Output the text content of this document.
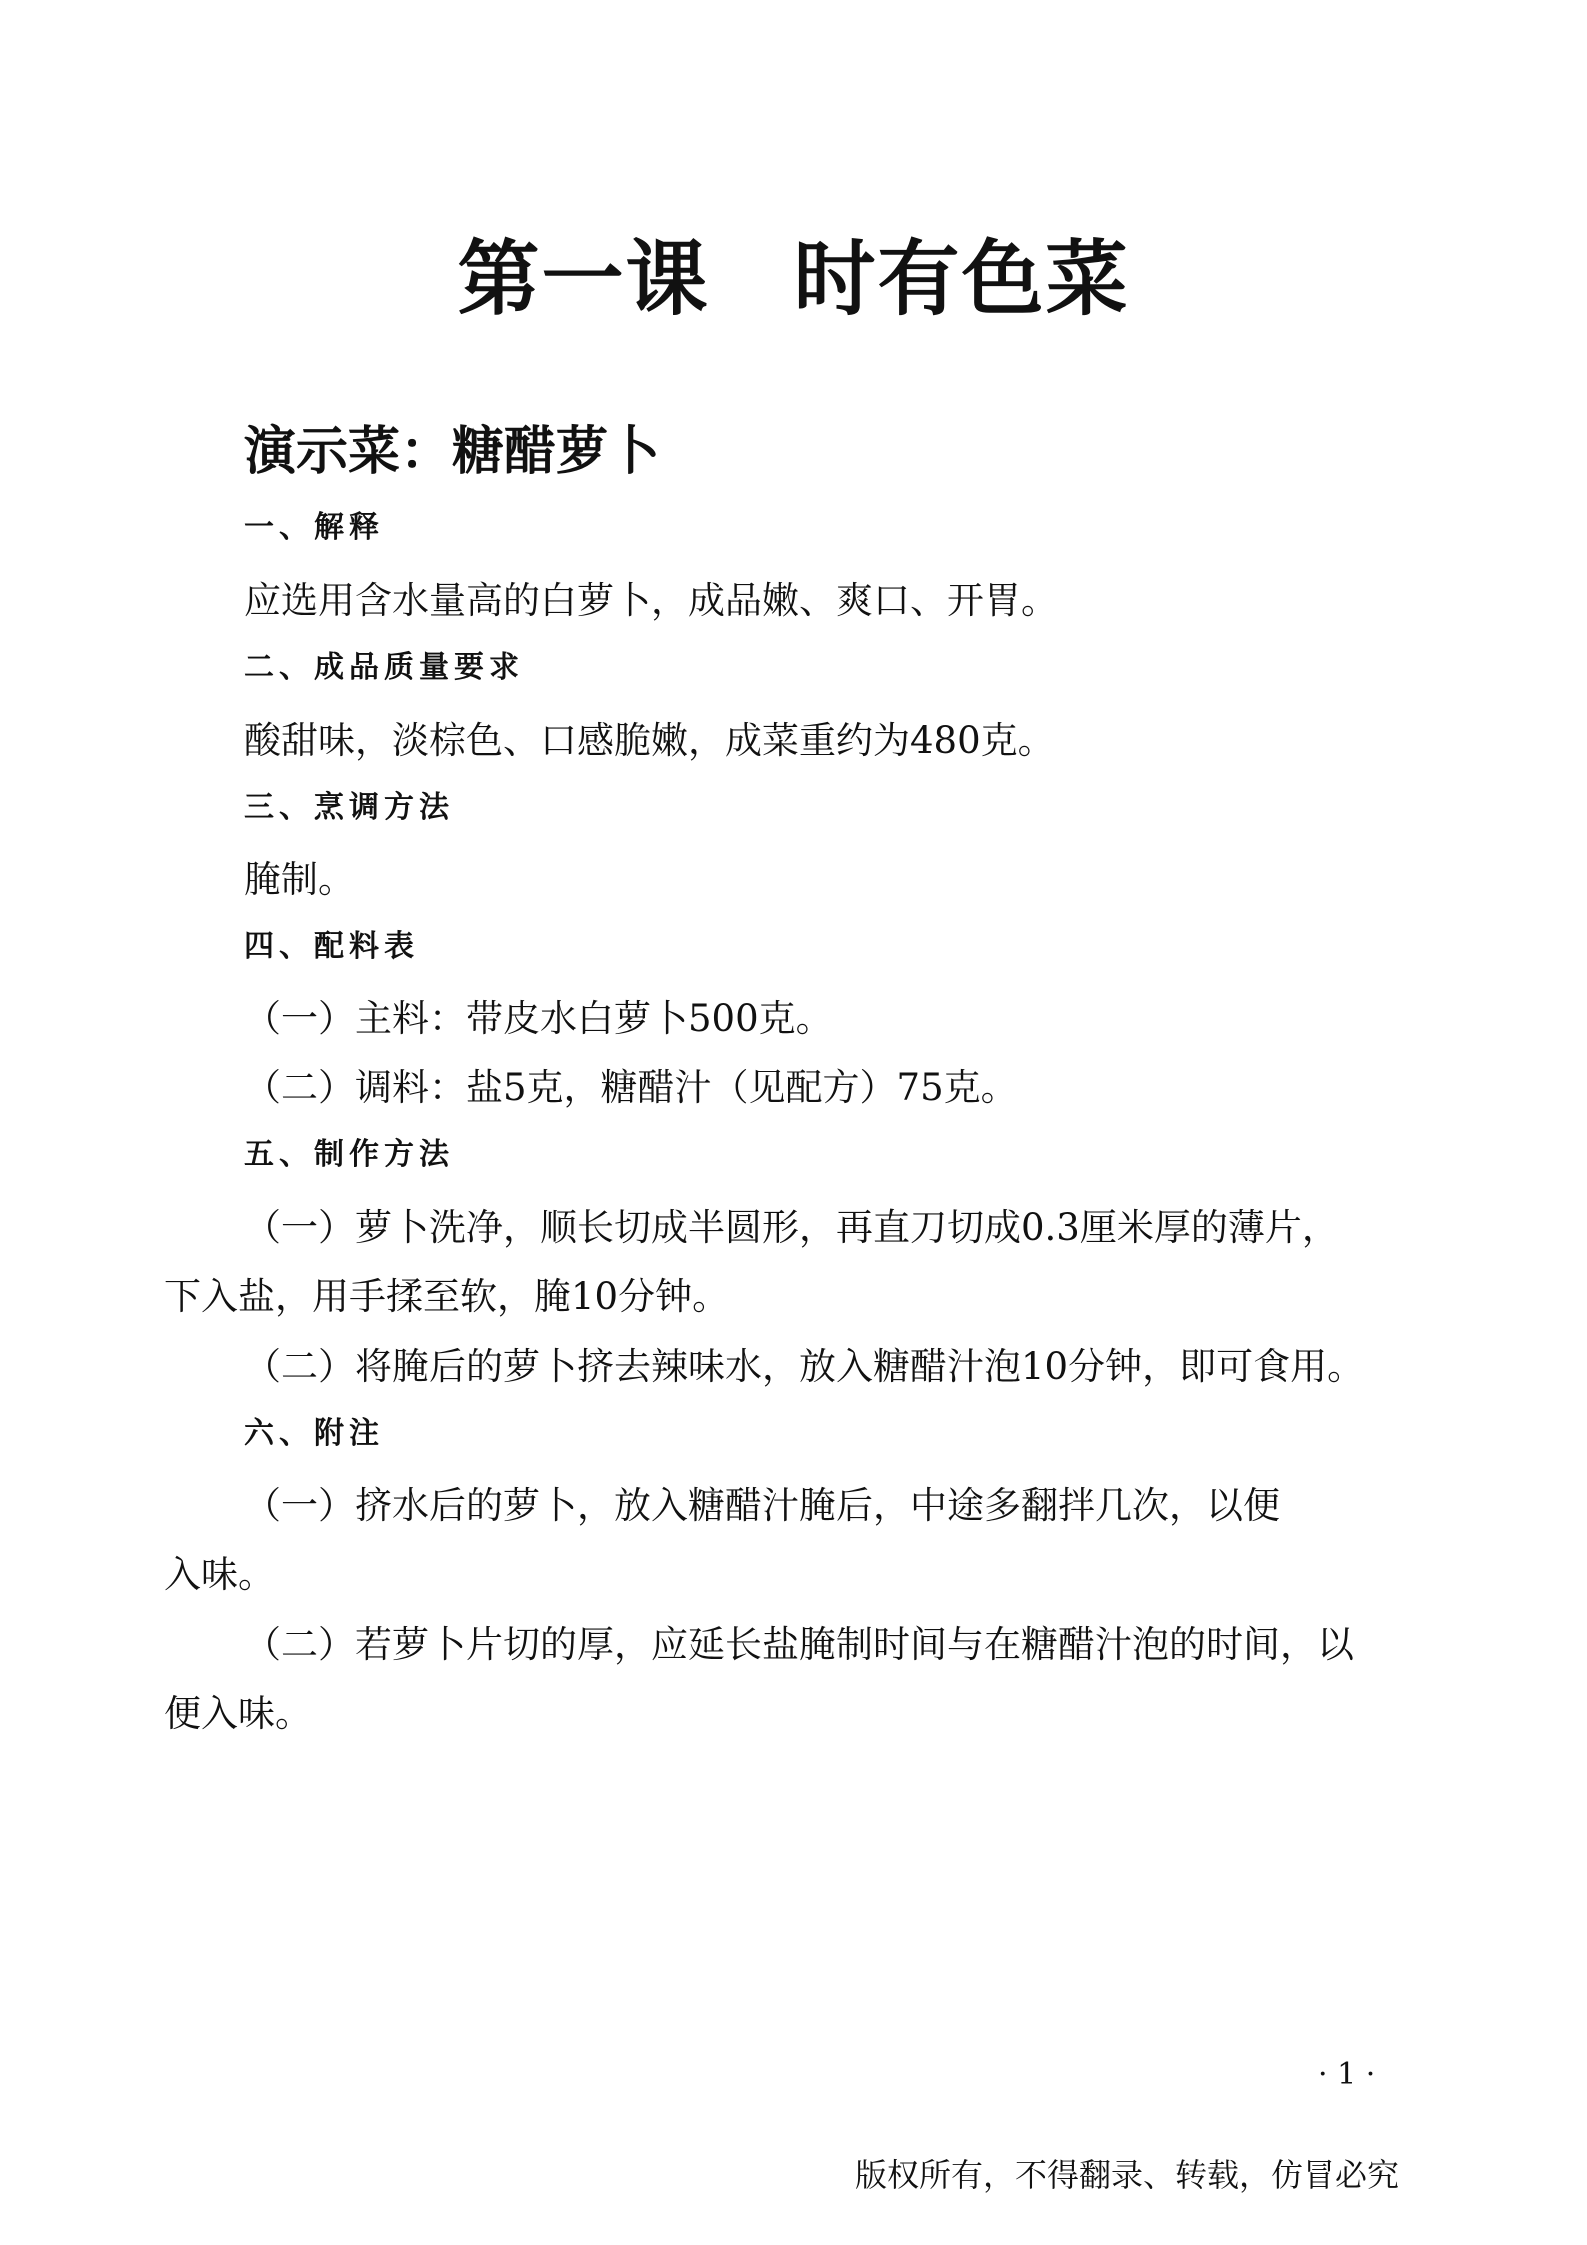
第一课　时有色菜
演示菜：糖醋萝卜
一、解释
应选用含水量高的白萝卜，成品嫩、爽口、开胃。
二、成品质量要求
酸甜味，淡棕色、口感脆嫩，成菜重约为480克。
三、烹调方法
腌制。
四、配料表
（一）主料：带皮水白萝卜500克。
（二）调料：盐5克，糖醋汁（见配方）75克。
五、制作方法
（一）萝卜洗净，顺长切成半圆形，再直刀切成0.3厘米厚的薄片，
下入盐，用手揉至软，腌10分钟。
（二）将腌后的萝卜挤去辣味水，放入糖醋汁泡10分钟，即可食用。
六、附注
（一）挤水后的萝卜，放入糖醋汁腌后，中途多翻拌几次，以便
入味。
（二）若萝卜片切的厚，应延长盐腌制时间与在糖醋汁泡的时间，以
便入味。
· 1 ·
版权所有，不得翻录、转载，仿冒必究
